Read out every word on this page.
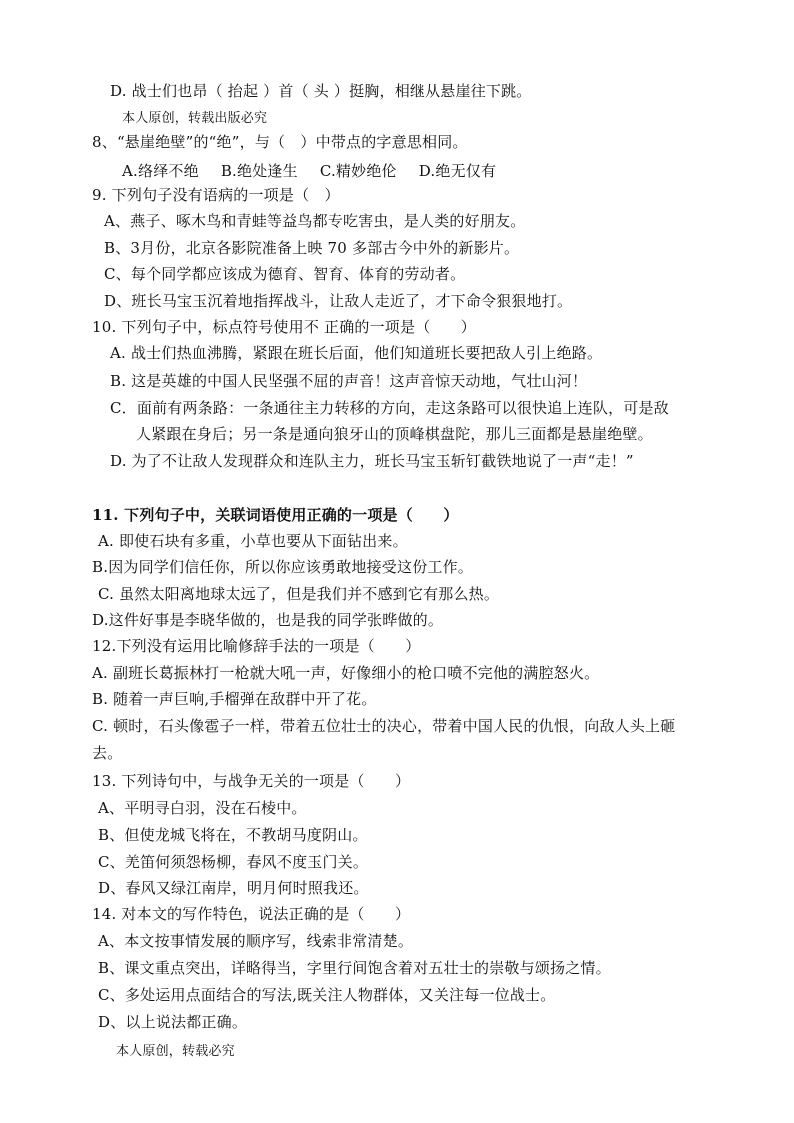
D. 战士们也昂（ 抬起 ）首（ 头 ）挺胸，相继从悬崖往下跳。
本人原创，转载出版必究
8、“悬崖绝壁”的“绝”，与（　）中带点的字意思相同。
A.络绎不绝 B.绝处逢生 C.精妙绝伦 D.绝无仅有
9. 下列句子没有语病的一项是（　）
A、燕子、啄木鸟和青蛙等益鸟都专吃害虫，是人类的好朋友。
B、3月份，北京各影院准备上映 70 多部古今中外的新影片。
C、每个同学都应该成为德育、智育、体育的劳动者。
D、班长马宝玉沉着地指挥战斗，让敌人走近了，才下命令狠狠地打。
10. 下列句子中，标点符号使用不 正确的一项是（　　）
A. 战士们热血沸腾，紧跟在班长后面，他们知道班长要把敌人引上绝路。
B. 这是英雄的中国人民坚强不屈的声音！这声音惊天动地，气壮山河！
C．面前有两条路：一条通往主力转移的方向，走这条路可以很快追上连队，可是敌
人紧跟在身后；另一条是通向狼牙山的顶峰棋盘陀，那儿三面都是悬崖绝壁。
D. 为了不让敌人发现群众和连队主力，班长马宝玉斩钉截铁地说了一声“走！”
11. 下列句子中，关联词语使用正确的一项是（　　）
A. 即使石块有多重，小草也要从下面钻出来。
B.因为同学们信任你，所以你应该勇敢地接受这份工作。
C. 虽然太阳离地球太远了，但是我们并不感到它有那么热。
D.这件好事是李晓华做的，也是我的同学张晔做的。
12.下列没有运用比喻修辞手法的一项是（　　）
A. 副班长葛振林打一枪就大吼一声，好像细小的枪口喷不完他的满腔怒火。
B. 随着一声巨响,手榴弹在敌群中开了花。
C. 顿时，石头像雹子一样，带着五位壮士的决心，带着中国人民的仇恨，向敌人头上砸
去。
13. 下列诗句中，与战争无关的一项是（　　）
A、平明寻白羽，没在石棱中。
B、但使龙城飞将在，不教胡马度阴山。
C、羌笛何须怨杨柳，春风不度玉门关。
D、春风又绿江南岸，明月何时照我还。
14. 对本文的写作特色，说法正确的是（　　）
A、本文按事情发展的顺序写，线索非常清楚。
B、课文重点突出，详略得当，字里行间饱含着对五壮士的崇敬与颂扬之情。
C、多处运用点面结合的写法,既关注人物群体，又关注每一位战士。
D、以上说法都正确。
本人原创，转载必究
